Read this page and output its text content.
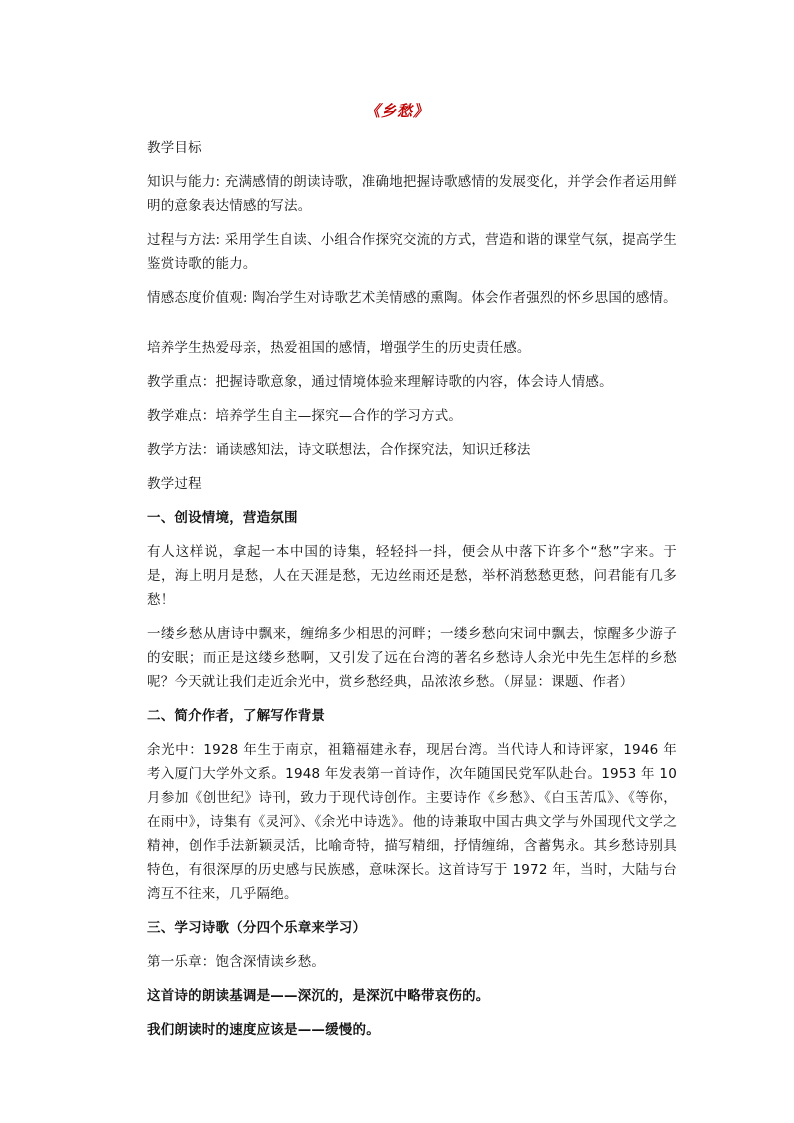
《乡愁》

教学目标

知识与能力: 充满感情的朗读诗歌，准确地把握诗歌感情的发展变化，并学会作者运用鲜明的意象表达情感的写法。

过程与方法: 采用学生自读、小组合作探究交流的方式，营造和谐的课堂气氛，提高学生鉴赏诗歌的能力。

情感态度价值观: 陶冶学生对诗歌艺术美情感的熏陶。体会作者强烈的怀乡思国的感情。

培养学生热爱母亲，热爱祖国的感情，增强学生的历史责任感。

教学重点：把握诗歌意象，通过情境体验来理解诗歌的内容，体会诗人情感。

教学难点：培养学生自主—探究—合作的学习方式。

教学方法：诵读感知法，诗文联想法，合作探究法，知识迁移法

教学过程

一、创设情境，营造氛围

有人这样说，拿起一本中国的诗集，轻轻抖一抖，便会从中落下许多个“愁”字来。于是，海上明月是愁，人在天涯是愁，无边丝雨还是愁，举杯消愁愁更愁，问君能有几多愁！

一缕乡愁从唐诗中飘来，缠绵多少相思的河畔；一缕乡愁向宋词中飘去，惊醒多少游子的安眠；而正是这缕乡愁啊，又引发了远在台湾的著名乡愁诗人余光中先生怎样的乡愁呢？今天就让我们走近余光中，赏乡愁经典，品浓浓乡愁。（屏显：课题、作者）

二、简介作者，了解写作背景

余光中：1928 年生于南京，祖籍福建永春，现居台湾。当代诗人和诗评家，1946 年考入厦门大学外文系。1948 年发表第一首诗作，次年随国民党军队赴台。1953 年 10 月参加《创世纪》诗刊，致力于现代诗创作。主要诗作《乡愁》、《白玉苦瓜》、《等你，在雨中》，诗集有《灵河》、《余光中诗选》。他的诗兼取中国古典文学与外国现代文学之精神，创作手法新颖灵活，比喻奇特，描写精细，抒情缠绵，含蓄隽永。其乡愁诗别具特色，有很深厚的历史感与民族感，意味深长。这首诗写于 1972 年，当时，大陆与台湾互不往来，几乎隔绝。

三、学习诗歌（分四个乐章来学习）

第一乐章：饱含深情读乡愁。

这首诗的朗读基调是——深沉的，是深沉中略带哀伤的。

我们朗读时的速度应该是——缓慢的。
